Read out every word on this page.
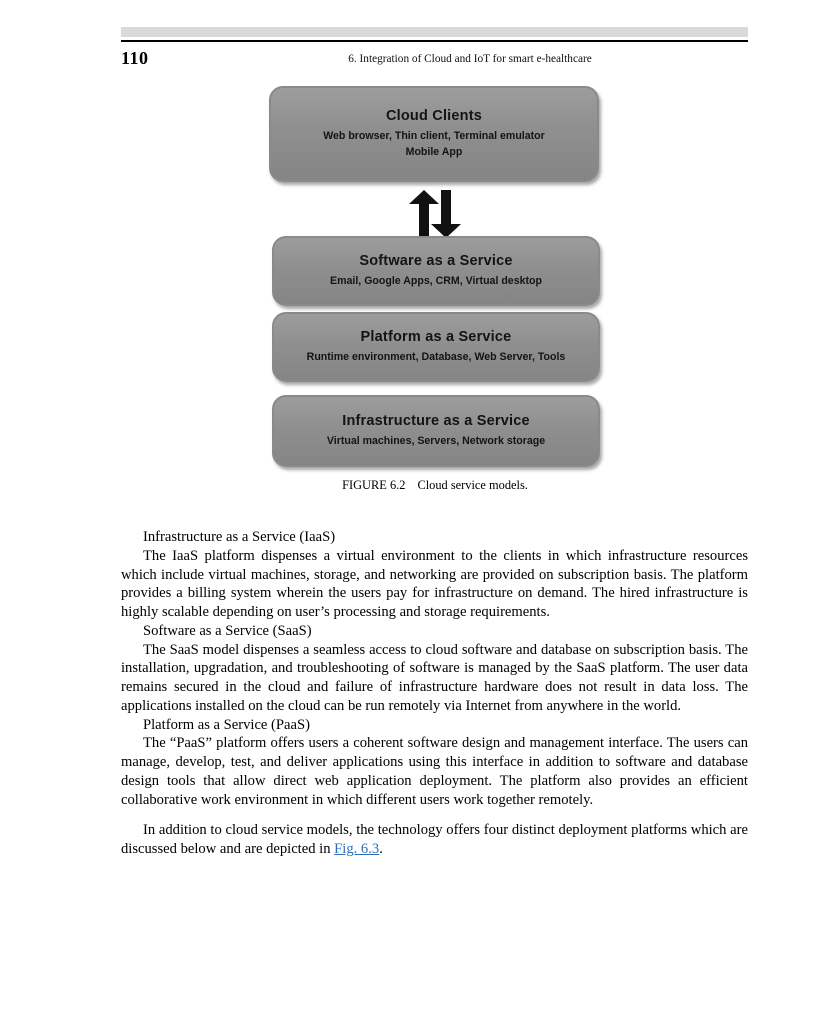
110	6. Integration of Cloud and IoT for smart e-healthcare
Cloud Clients
Web browser, Thin client, Terminal emulator
Mobile App
Software as a Service
Email, Google Apps, CRM, Virtual desktop
Platform as a Service
Runtime environment, Database, Web Server, Tools
Infrastructure as a Service
Virtual machines, Servers, Network storage
FIGURE 6.2 Cloud service models.

Infrastructure as a Service (IaaS)

The IaaS platform dispenses a virtual environment to the clients in which infrastructure resources which include virtual machines, storage, and networking are provided on subscription basis. The platform provides a billing system wherein the users pay for infrastructure on demand. The hired infrastructure is highly scalable depending on user’s processing and storage requirements.

Software as a Service (SaaS)

The SaaS model dispenses a seamless access to cloud software and database on subscription basis. The installation, upgradation, and troubleshooting of software is managed by the SaaS platform. The user data remains secured in the cloud and failure of infrastructure hardware does not result in data loss. The applications installed on the cloud can be run remotely via Internet from anywhere in the world.

Platform as a Service (PaaS)

The “PaaS” platform offers users a coherent software design and management interface. The users can manage, develop, test, and deliver applications using this interface in addition to software and database design tools that allow direct web application deployment. The platform also provides an efficient collaborative work environment in which different users work together remotely.

In addition to cloud service models, the technology offers four distinct deployment platforms which are discussed below and are depicted in Fig. 6.3.
